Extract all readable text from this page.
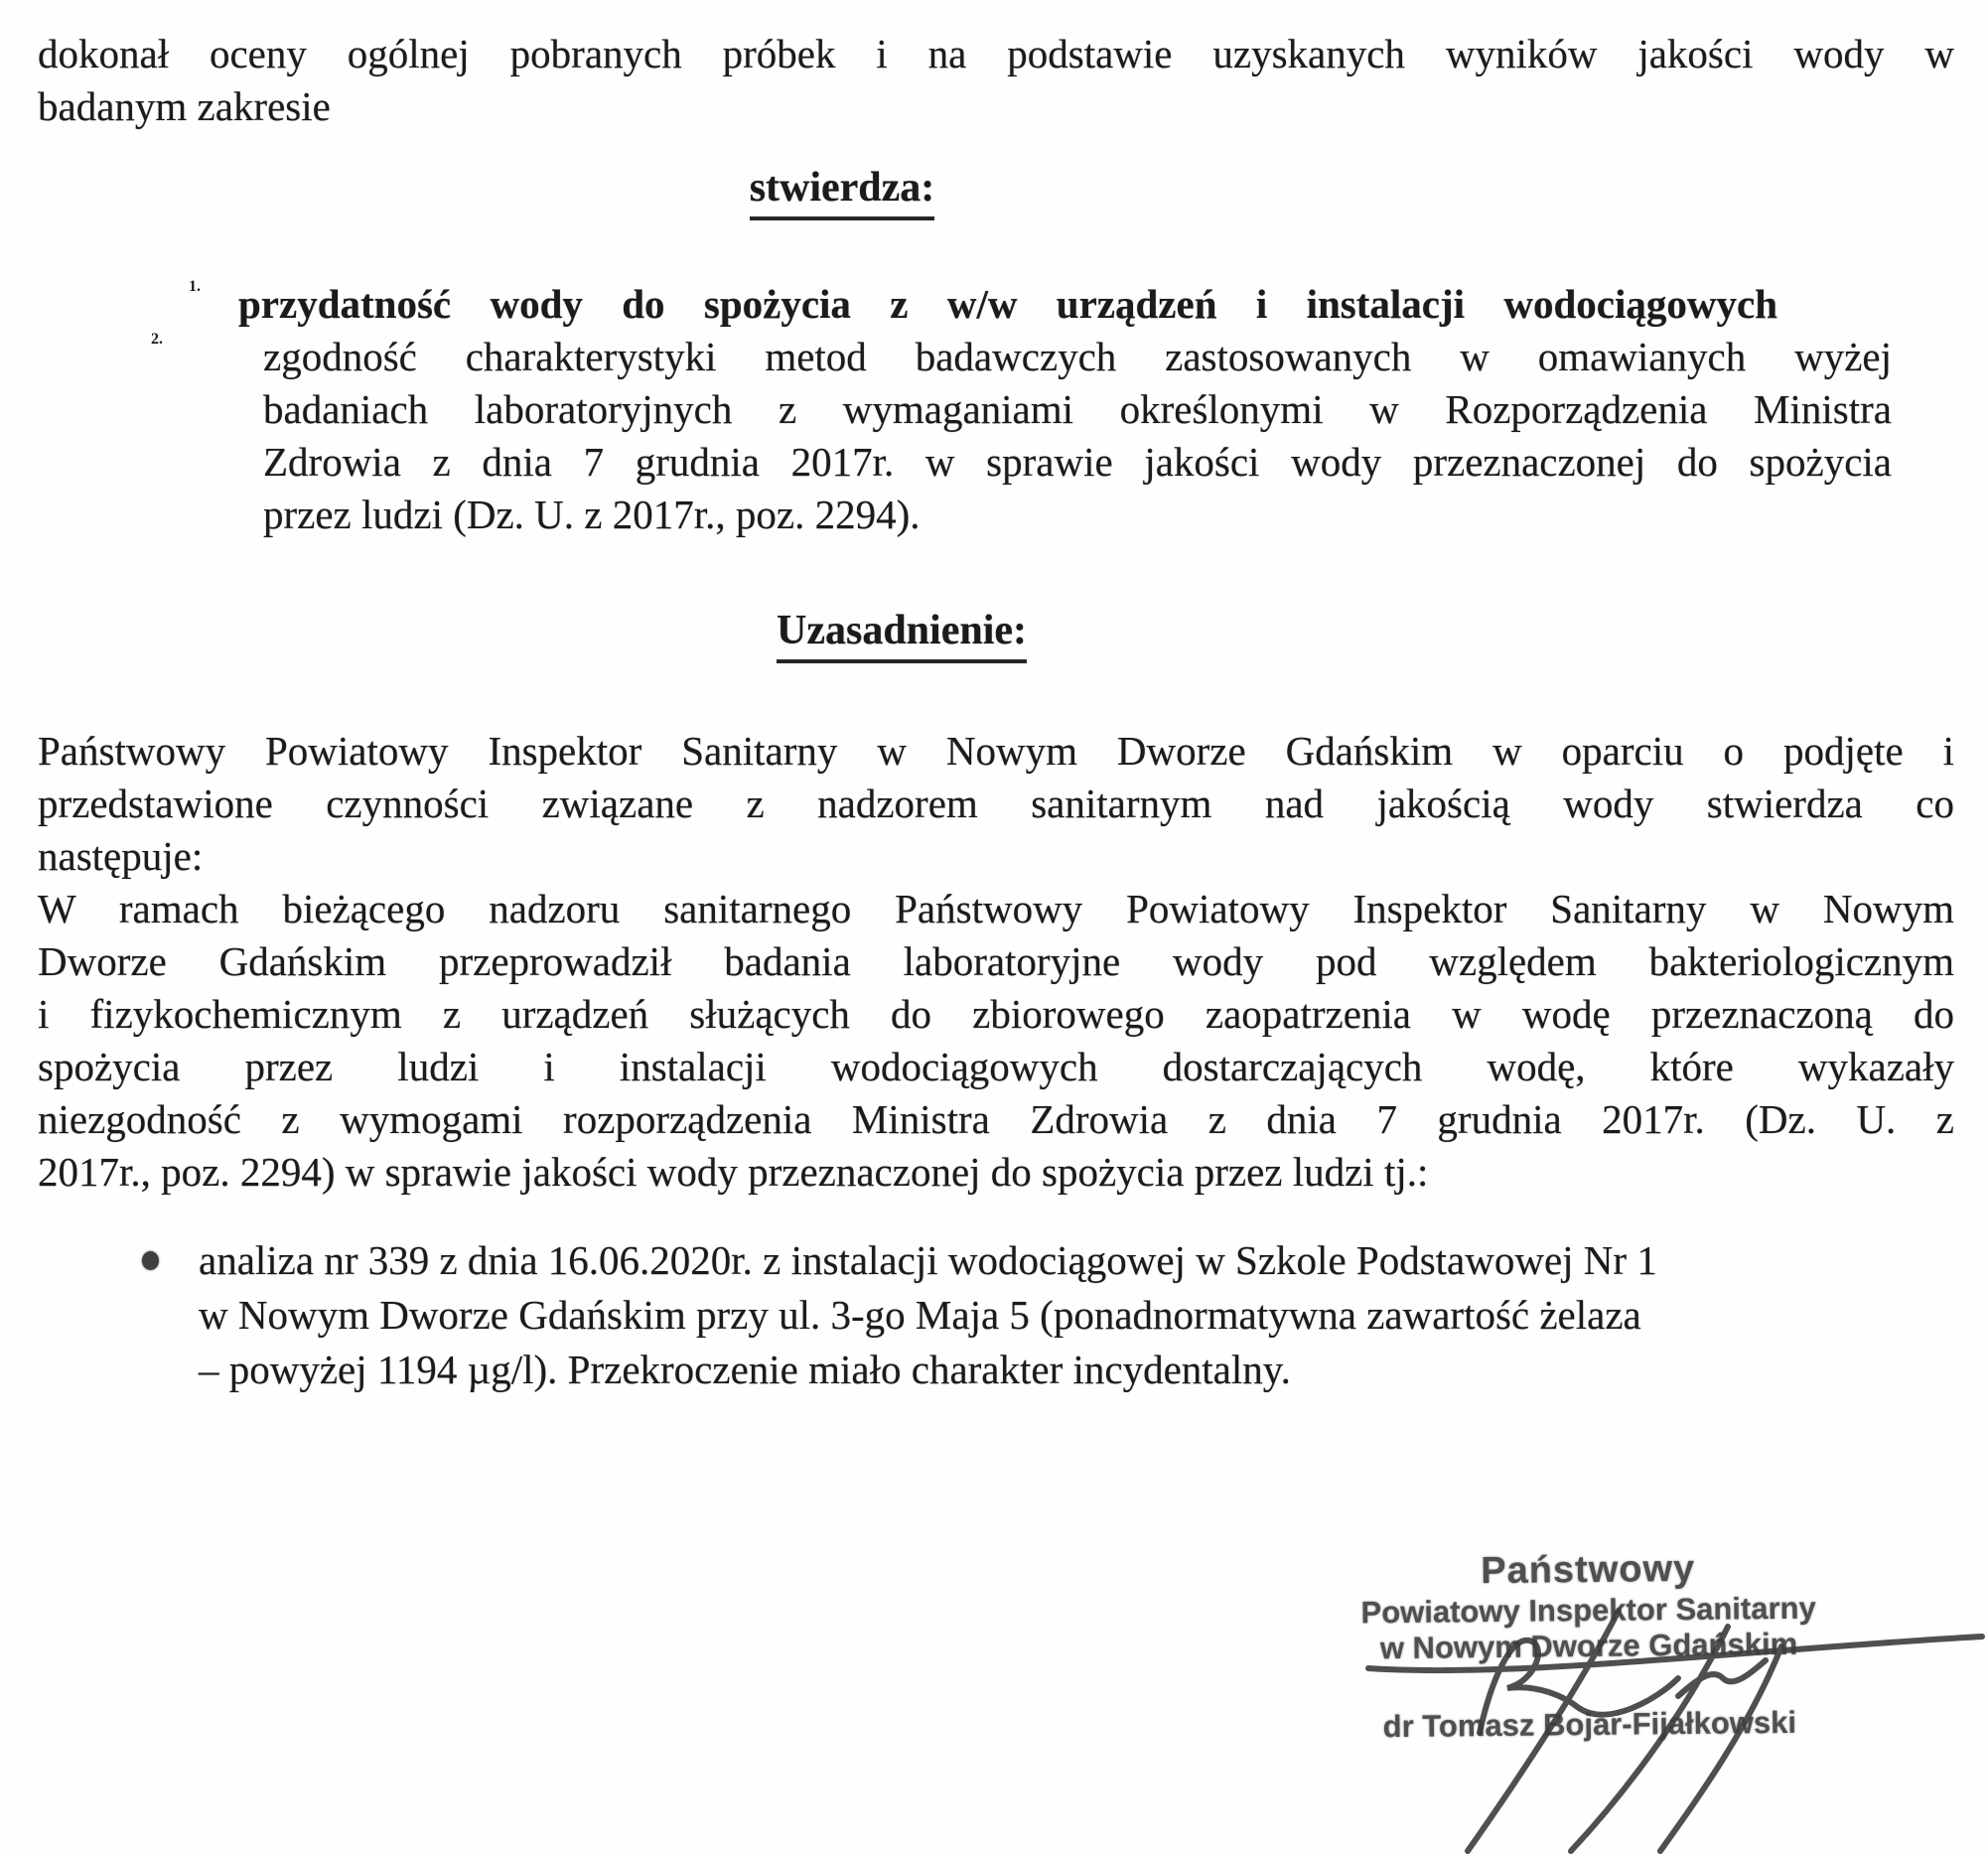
dokonał oceny ogólnej pobranych próbek i na podstawie uzyskanych wyników jakości wody w
badanym zakresie
stwierdza:
1. przydatność wody do spożycia z w/w urządzeń i instalacji wodociągowych
2. zgodność charakterystyki metod badawczych zastosowanych w omawianych wyżej
badaniach laboratoryjnych z wymaganiami określonymi w Rozporządzenia Ministra
Zdrowia z dnia 7 grudnia 2017r. w sprawie jakości wody przeznaczonej do spożycia
przez ludzi (Dz. U. z 2017r., poz. 2294).
Uzasadnienie:
Państwowy Powiatowy Inspektor Sanitarny w Nowym Dworze Gdańskim w oparciu o podjęte i
przedstawione czynności związane z nadzorem sanitarnym nad jakością wody stwierdza co
następuje:
W ramach bieżącego nadzoru sanitarnego Państwowy Powiatowy Inspektor Sanitarny w Nowym
Dworze Gdańskim przeprowadził badania laboratoryjne wody pod względem bakteriologicznym
i fizykochemicznym z urządzeń służących do zbiorowego zaopatrzenia w wodę przeznaczoną do
spożycia przez ludzi i instalacji wodociągowych dostarczających wodę, które wykazały
niezgodność z wymogami rozporządzenia Ministra Zdrowia z dnia 7 grudnia 2017r. (Dz. U. z
2017r., poz. 2294) w sprawie jakości wody przeznaczonej do spożycia przez ludzi tj.:
analiza nr 339 z dnia 16.06.2020r. z instalacji wodociągowej w Szkole Podstawowej Nr 1
w Nowym Dworze Gdańskim przy ul. 3-go Maja 5 (ponadnormatywna zawartość żelaza
– powyżej 1194 µg/l). Przekroczenie miało charakter incydentalny.
Państwowy
Powiatowy Inspektor Sanitarny
w Nowym Dworze Gdańskim
dr Tomasz Bojar-Fijałkowski
